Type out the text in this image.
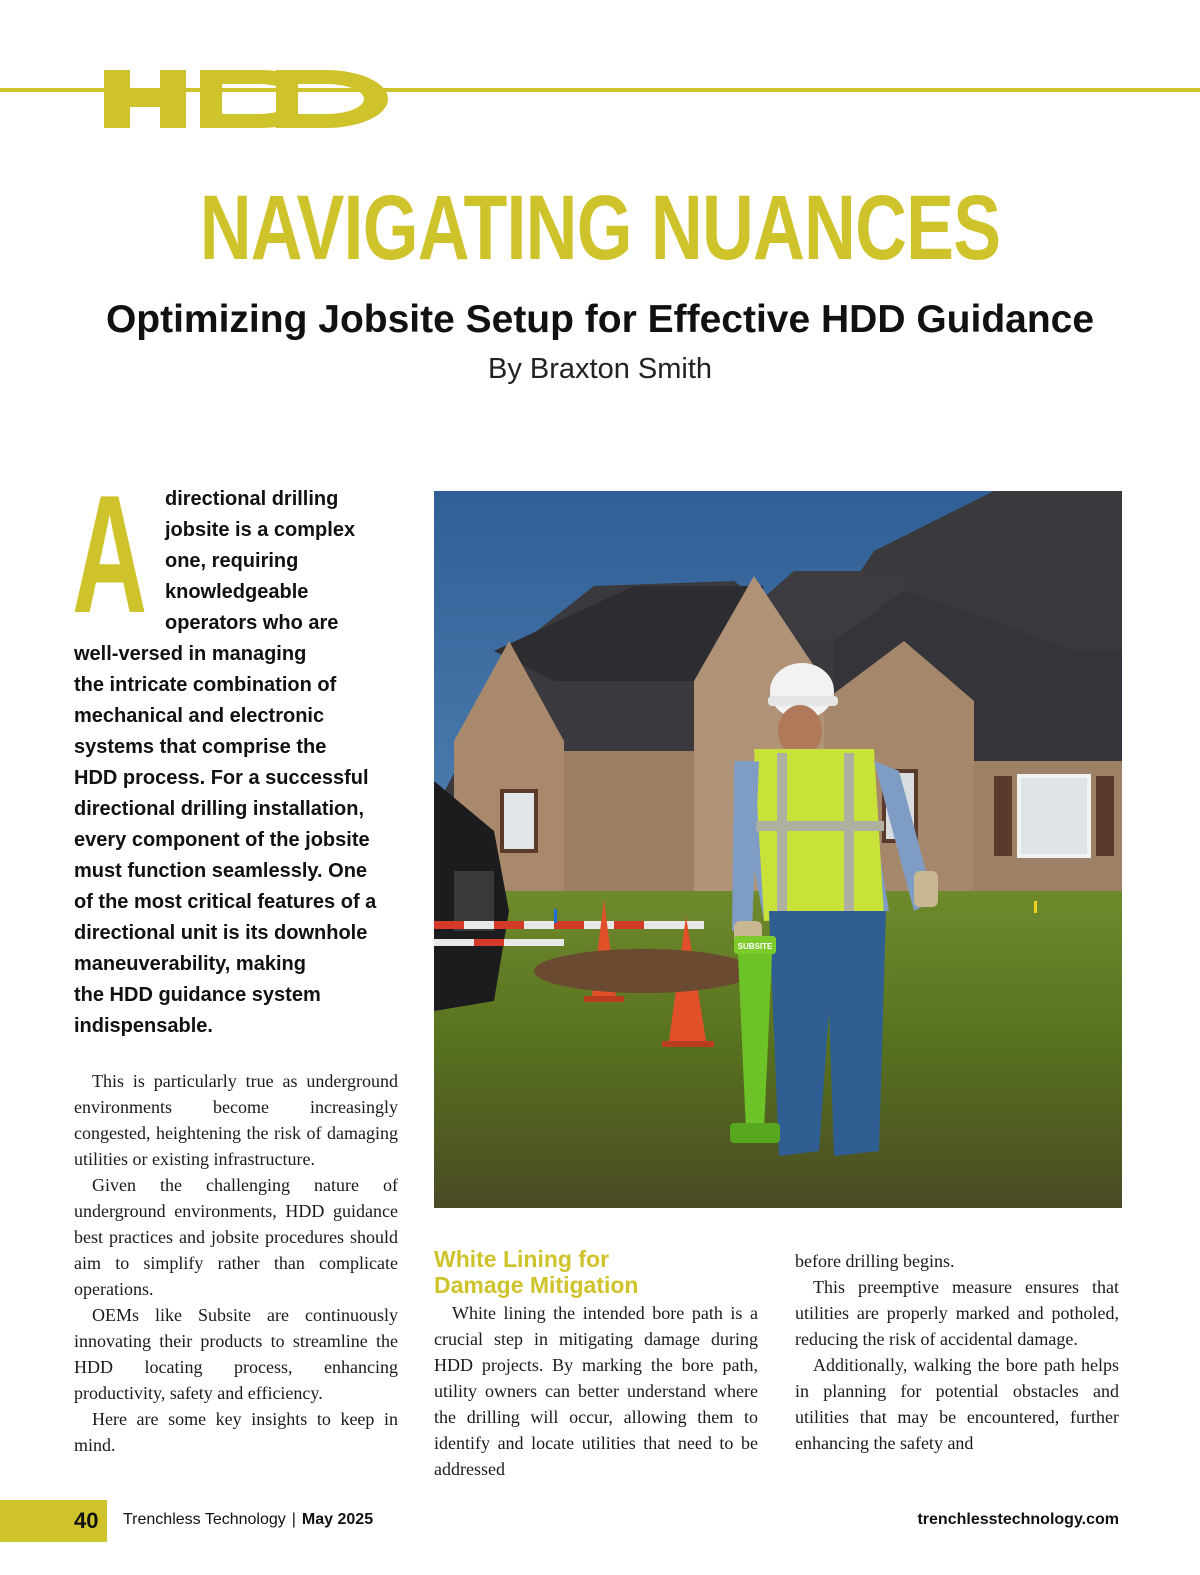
NAVIGATING NUANCES
Optimizing Jobsite Setup for Effective HDD Guidance
By Braxton Smith
A directional drilling
jobsite is a complex
one, requiring
knowledgeable
operators who are
well-versed in managing
the intricate combination of
mechanical and electronic
systems that comprise the
HDD process. For a successful
directional drilling installation,
every component of the jobsite
must function seamlessly. One
of the most critical features of a
directional unit is its downhole
maneuverability, making
the HDD guidance system
indispensable.

This is particularly true as underground environments become increasingly congested, heightening the risk of damaging utilities or existing infrastructure.

Given the challenging nature of underground environments, HDD guidance best practices and jobsite procedures should aim to simplify rather than complicate operations.

OEMs like Subsite are continuously innovating their products to streamline the HDD locating process, enhancing productivity, safety and efficiency.

Here are some key insights to keep in mind.

SUBSITE
White Lining for
Damage Mitigation

White lining the intended bore path is a crucial step in mitigating damage during HDD projects. By marking the bore path, utility owners can better understand where the drilling will occur, allowing them to identify and locate utilities that need to be addressed

before drilling begins.

This preemptive measure ensures that utilities are properly marked and potholed, reducing the risk of accidental damage.

Additionally, walking the bore path helps in planning for potential obstacles and utilities that may be encountered, further enhancing the safety and

40 Trenchless Technology | May 2025	trenchlesstechnology.com
